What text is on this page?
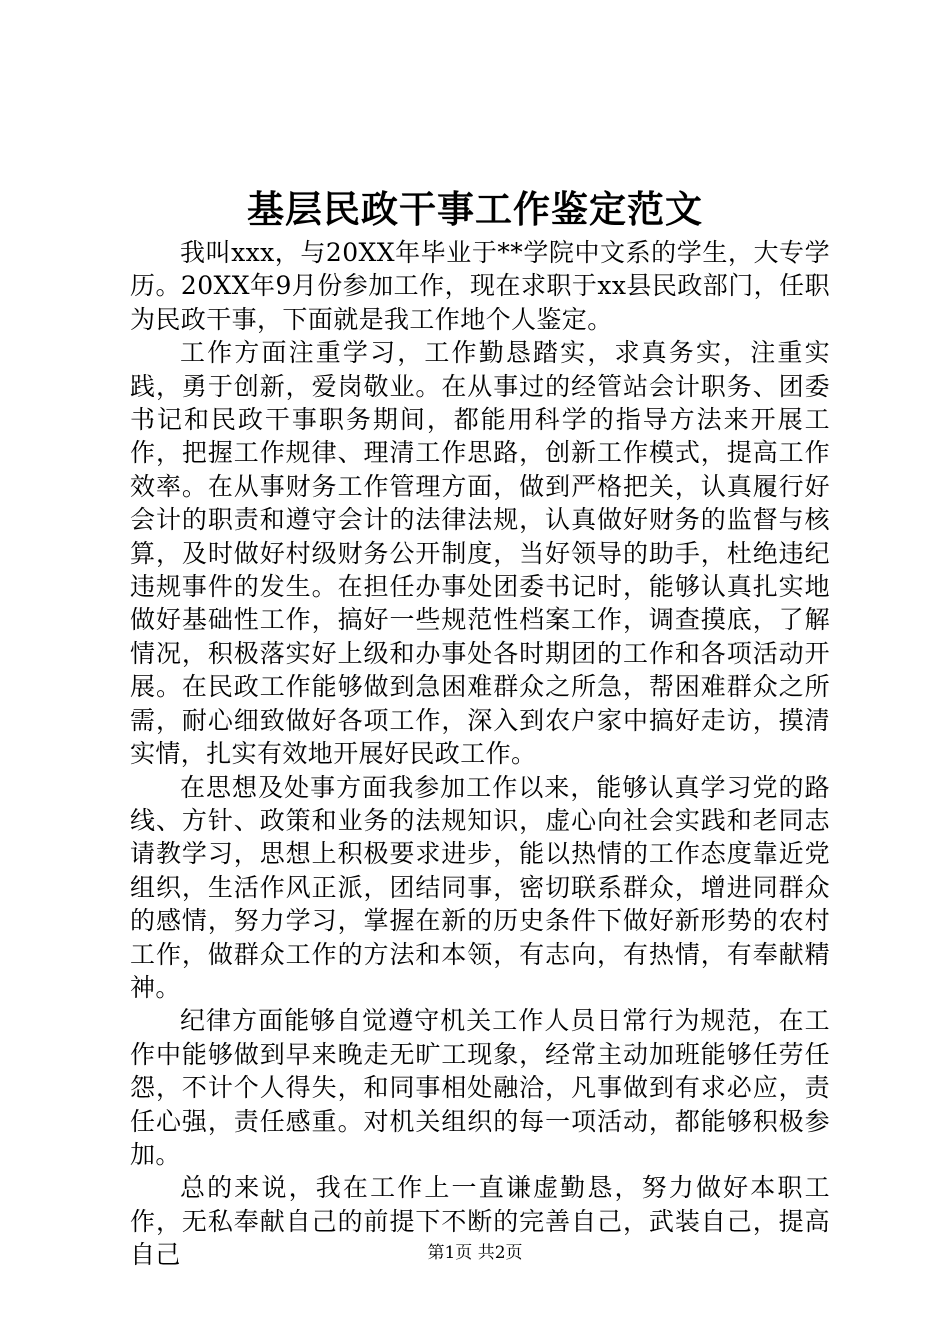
基层民政干事工作鉴定范文

我叫xxx，与20XX年毕业于**学院中文系的学生，大专学历。20XX年9月份参加工作，现在求职于xx县民政部门，任职为民政干事，下面就是我工作地个人鉴定。

工作方面注重学习，工作勤恳踏实，求真务实，注重实践，勇于创新，爱岗敬业。在从事过的经管站会计职务、团委书记和民政干事职务期间，都能用科学的指导方法来开展工作，把握工作规律、理清工作思路，创新工作模式，提高工作效率。在从事财务工作管理方面，做到严格把关，认真履行好会计的职责和遵守会计的法律法规，认真做好财务的监督与核算，及时做好村级财务公开制度，当好领导的助手，杜绝违纪违规事件的发生。在担任办事处团委书记时，能够认真扎实地做好基础性工作，搞好一些规范性档案工作，调查摸底，了解情况，积极落实好上级和办事处各时期团的工作和各项活动开展。在民政工作能够做到急困难群众之所急，帮困难群众之所需，耐心细致做好各项工作，深入到农户家中搞好走访，摸清实情，扎实有效地开展好民政工作。

在思想及处事方面我参加工作以来，能够认真学习党的路线、方针、政策和业务的法规知识，虚心向社会实践和老同志请教学习，思想上积极要求进步，能以热情的工作态度靠近党组织，生活作风正派，团结同事，密切联系群众，增进同群众的感情，努力学习，掌握在新的历史条件下做好新形势的农村工作，做群众工作的方法和本领，有志向，有热情，有奉献精神。

纪律方面能够自觉遵守机关工作人员日常行为规范，在工作中能够做到早来晚走无旷工现象，经常主动加班能够任劳任怨，不计个人得失，和同事相处融洽，凡事做到有求必应，责任心强，责任感重。对机关组织的每一项活动，都能够积极参加。

总的来说，我在工作上一直谦虚勤恳，努力做好本职工作，无私奉献自己的前提下不断的完善自己，武装自己，提高自己	第1页 共2页
